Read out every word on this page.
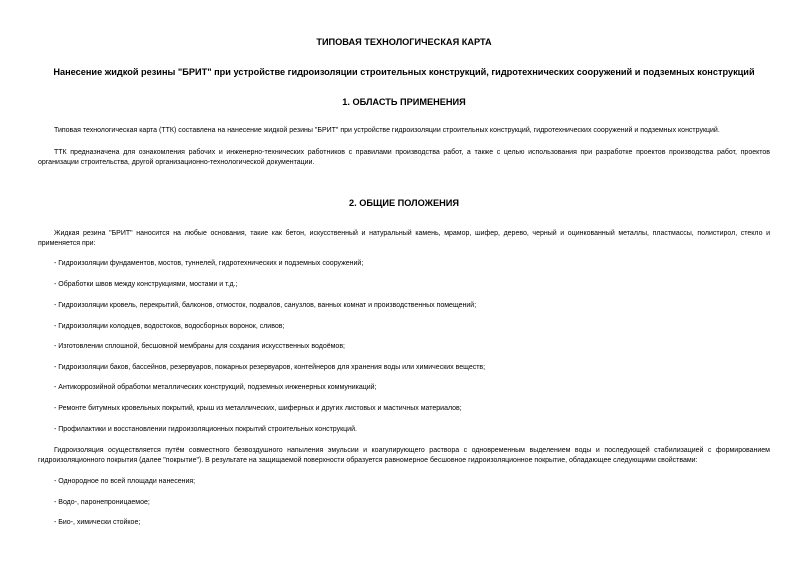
ТИПОВАЯ ТЕХНОЛОГИЧЕСКАЯ КАРТА
Нанесение жидкой резины "БРИТ" при устройстве гидроизоляции строительных конструкций, гидротехнических сооружений и подземных конструкций
1. ОБЛАСТЬ ПРИМЕНЕНИЯ
Типовая технологическая карта (ТТК) составлена на нанесение жидкой резины "БРИТ" при устройстве гидроизоляции строительных конструкций, гидротехнических сооружений и подземных конструкций.
ТТК предназначена для ознакомления рабочих и инженерно-технических работников с правилами производства работ, а также с целью использования при разработке проектов производства работ, проектов организации строительства, другой организационно-технологической документации.
2. ОБЩИЕ ПОЛОЖЕНИЯ
Жидкая резина "БРИТ" наносится на любые основания, такие как бетон, искусственный и натуральный камень, мрамор, шифер, дерево, черный и оцинкованный металлы, пластмассы, полистирол, стекло и применяется при:
- Гидроизоляции фундаментов, мостов, туннелей, гидротехнических и подземных сооружений;
- Обработки швов между конструкциями, мостами и т.д.;
- Гидроизоляции кровель, перекрытий, балконов, отмосток, подвалов, санузлов, ванных комнат и производственных помещений;
- Гидроизоляции колодцев, водостоков, водосборных воронок, сливов;
- Изготовлении сплошной, бесшовной мембраны для создания искусственных водоёмов;
- Гидроизоляции баков, бассейнов, резервуаров, пожарных резервуаров, контейнеров для хранения воды или химических веществ;
- Антикоррозийной обработки металлических конструкций, подземных инженерных коммуникаций;
- Ремонте битумных кровельных покрытий, крыш из металлических, шиферных и других листовых и мастичных материалов;
- Профилактики и восстановлении гидроизоляционных покрытий строительных конструкций.
Гидроизоляция осуществляется путём совместного безвоздушного напыления эмульсии и коагулирующего раствора с одновременным выделением воды и последующей стабилизацией с формированием гидроизоляционного покрытия (далее "покрытие"). В результате на защищаемой поверхности образуется равномерное бесшовное гидроизоляционное покрытие, обладающее следующими свойствами:
- Однородное по всей площади нанесения;
- Водо-, паронепроницаемое;
- Био-, химически стойкое;
